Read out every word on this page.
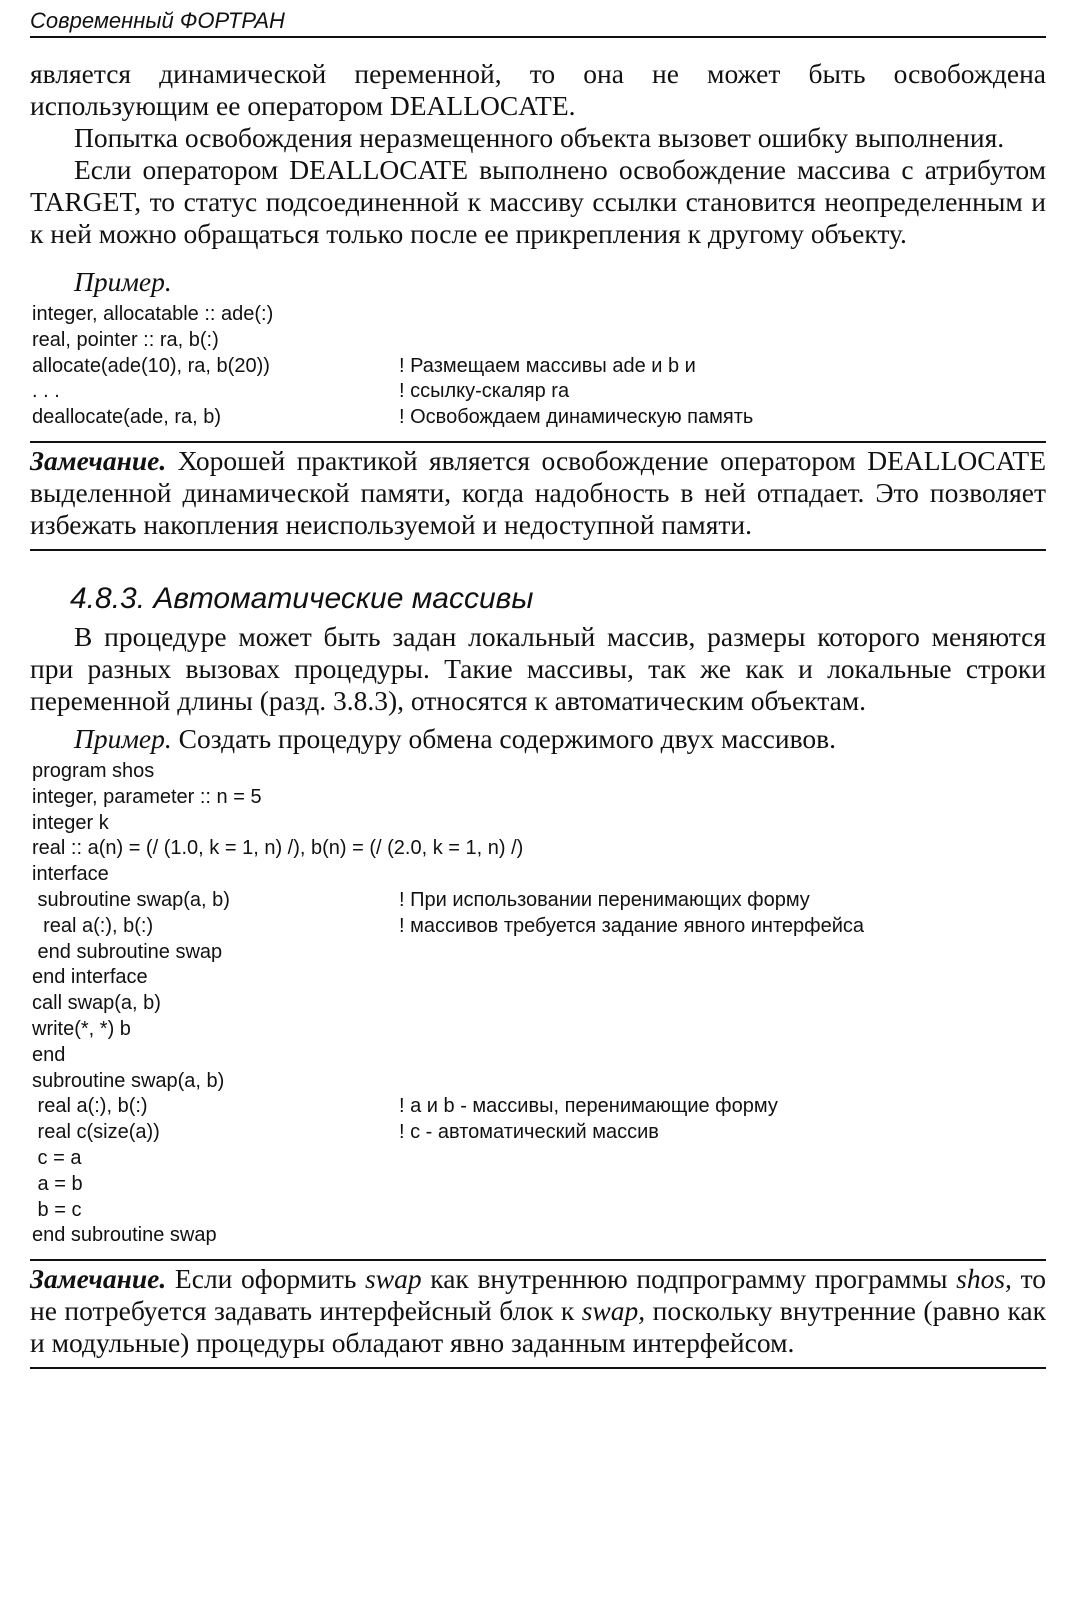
Современный ФОРТРАН

является динамической переменной, то она не может быть освобождена использующим ее оператором DEALLOCATE.

Попытка освобождения неразмещенного объекта вызовет ошибку выполнения.

Если оператором DEALLOCATE выполнено освобождение массива с атрибутом TARGET, то статус подсоединенной к массиву ссылки становится неопределенным и к ней можно обращаться только после ее прикрепления к другому объекту.

Пример.
integer, allocatable :: ade(:)
real, pointer :: ra, b(:)
allocate(ade(10), ra, b(20))	! Размещаем массивы ade и b и
. . .	! ссылку-скаляр ra
deallocate(ade, ra, b)	! Освобождаем динамическую память

Замечание. Хорошей практикой является освобождение оператором DEALLOCATE выделенной динамической памяти, когда надобность в ней отпадает. Это позволяет избежать накопления неиспользуемой и недоступной памяти.

4.8.3. Автоматические массивы

В процедуре может быть задан локальный массив, размеры которого меняются при разных вызовах процедуры. Такие массивы, так же как и локальные строки переменной длины (разд. 3.8.3), относятся к автоматическим объектам.

Пример. Создать процедуру обмена содержимого двух массивов.

program shos
integer, parameter :: n = 5
integer k
real :: a(n) = (/ (1.0, k = 1, n) /), b(n) = (/ (2.0, k = 1, n) /)
interface
subroutine swap(a, b)	! При использовании перенимающих форму
real a(:), b(:)	! массивов требуется задание явного интерфейса
end subroutine swap
end interface
call swap(a, b)
write(*, *) b
end
subroutine swap(a, b)
real a(:), b(:)	! a и b - массивы, перенимающие форму
real c(size(a))	! c - автоматический массив
c = a
a = b
b = c
end subroutine swap

Замечание. Если оформить swap как внутреннюю подпрограмму программы shos, то не потребуется задавать интерфейсный блок к swap, поскольку внутренние (равно как и модульные) процедуры обладают явно заданным интерфейсом.
